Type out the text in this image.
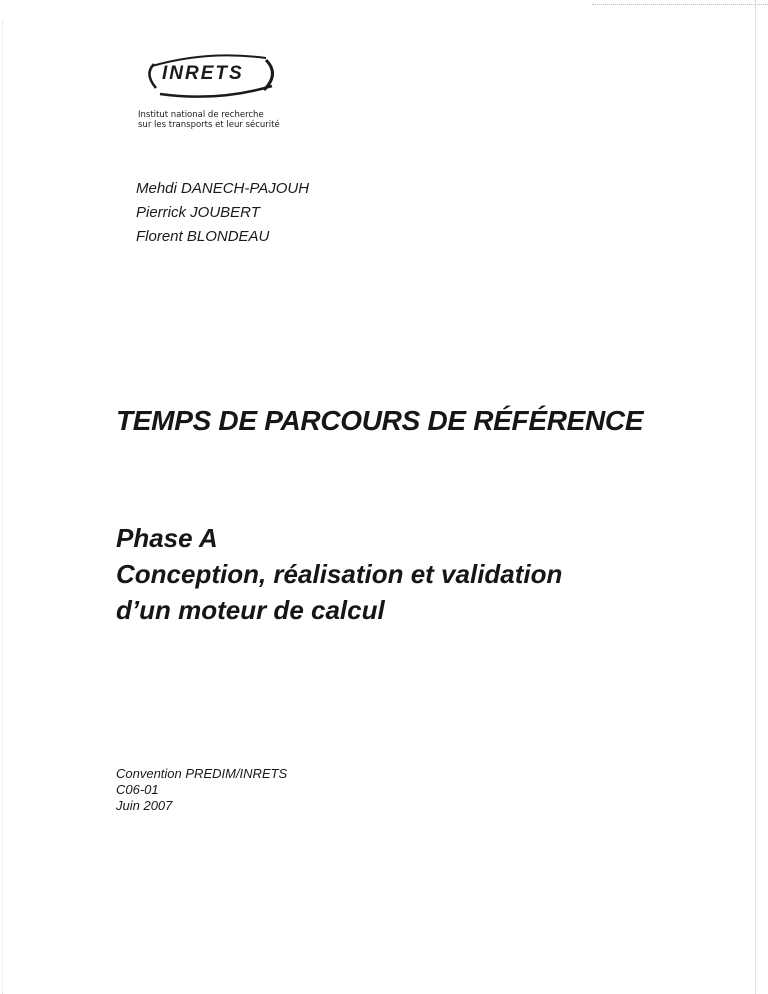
INRETS
Institut national de recherche
sur les transports et leur sécurité
Mehdi DANECH-PAJOUH
Pierrick JOUBERT
Florent BLONDEAU
TEMPS DE PARCOURS DE RÉFÉRENCE
Phase A
Conception, réalisation et validation
d’un moteur de calcul
Convention PREDIM/INRETS
C06-01
Juin 2007
